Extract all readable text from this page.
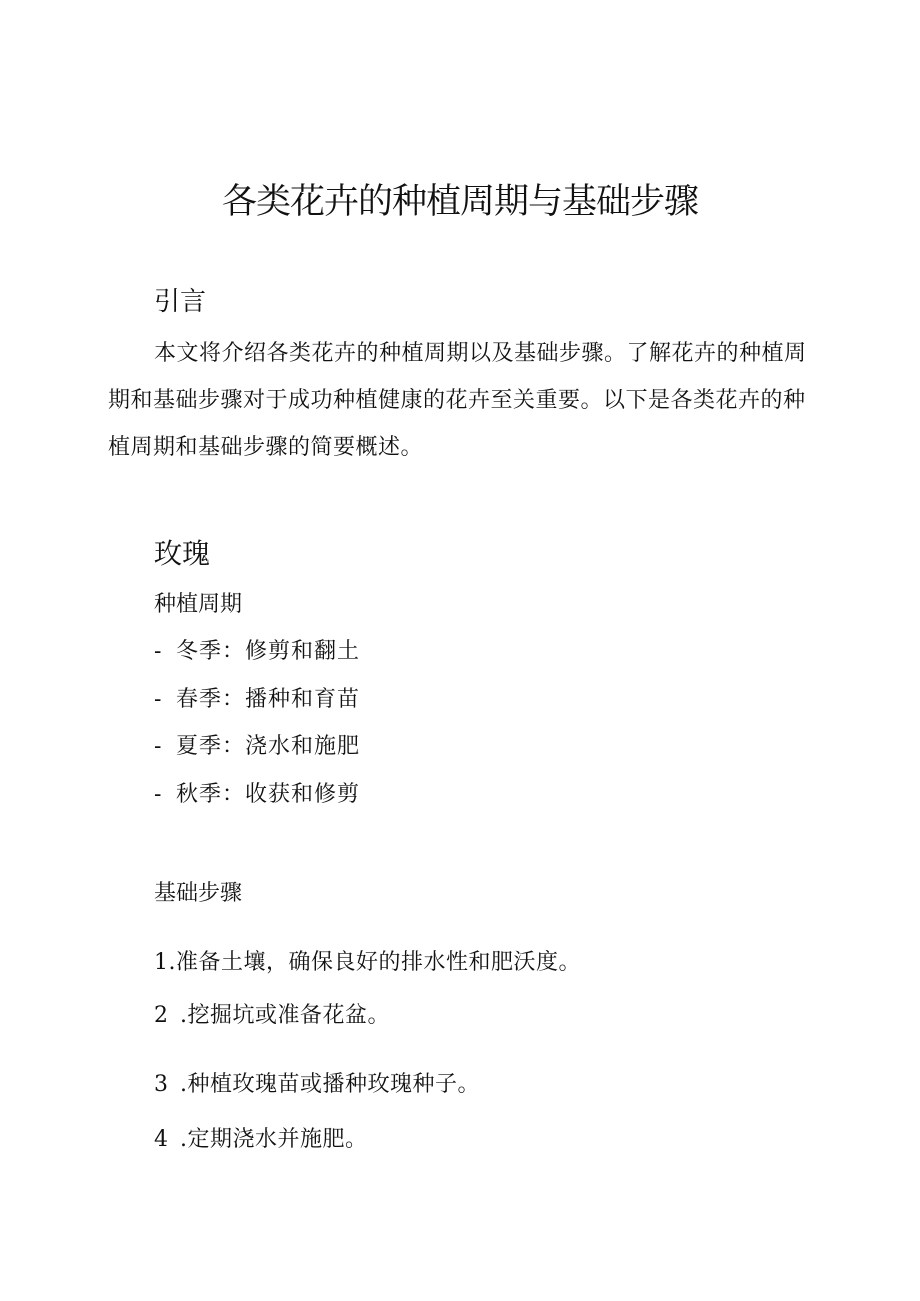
各类花卉的种植周期与基础步骤
引言

本文将介绍各类花卉的种植周期以及基础步骤。了解花卉的种植周期和基础步骤对于成功种植健康的花卉至关重要。以下是各类花卉的种植周期和基础步骤的简要概述。

玫瑰
种植周期
- 冬季：修剪和翻土
- 春季：播种和育苗
- 夏季：浇水和施肥
- 秋季：收获和修剪
基础步骤

1.准备土壤，确保良好的排水性和肥沃度。

2 .挖掘坑或准备花盆。

3 .种植玫瑰苗或播种玫瑰种子。

4 .定期浇水并施肥。
